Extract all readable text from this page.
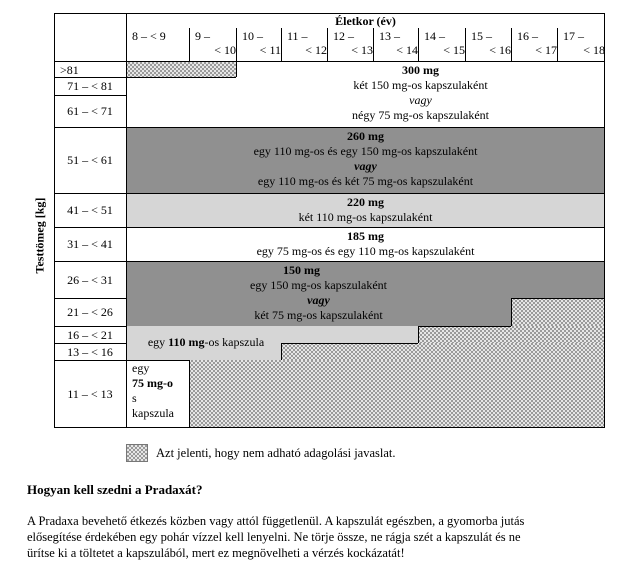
Életkor (év)
8 – < 9	9 –
< 10
10 –
< 11
11 –
< 12
12 –
< 13
13 –
< 14
14 –
< 15
15 –
< 16
16 –
< 17
17 –
< 18
>81
71 – < 81
61 – < 71
51 – < 61
41 – < 51
31 – < 41
26 – < 31
21 – < 26
16 – < 21
13 – < 16
11 – < 13
Testtömeg [kg]
300 mg
két 150 mg-os kapszulaként
vagy
négy 75 mg-os kapszulaként
260 mg
egy 110 mg-os és egy 150 mg-os kapszulaként
vagy
egy 110 mg-os és két 75 mg-os kapszulaként
220 mg
két 110 mg-os kapszulaként
185 mg
egy 75 mg-os és egy 110 mg-os kapszulaként
150 mg
egy 150 mg-os kapszulaként
vagy
két 75 mg-os kapszulaként
egy 110 mg-os kapszula
egy
75 mg-o
s
kapszula
Azt jelenti, hogy nem adható adagolási javaslat.
Hogyan kell szedni a Pradaxát?
A Pradaxa bevehető étkezés közben vagy attól függetlenül. A kapszulát egészben, a gyomorba jutás
elősegítése érdekében egy pohár vízzel kell lenyelni. Ne törje össze, ne rágja szét a kapszulát és ne
ürítse ki a töltetet a kapszulából, mert ez megnövelheti a vérzés kockázatát!
